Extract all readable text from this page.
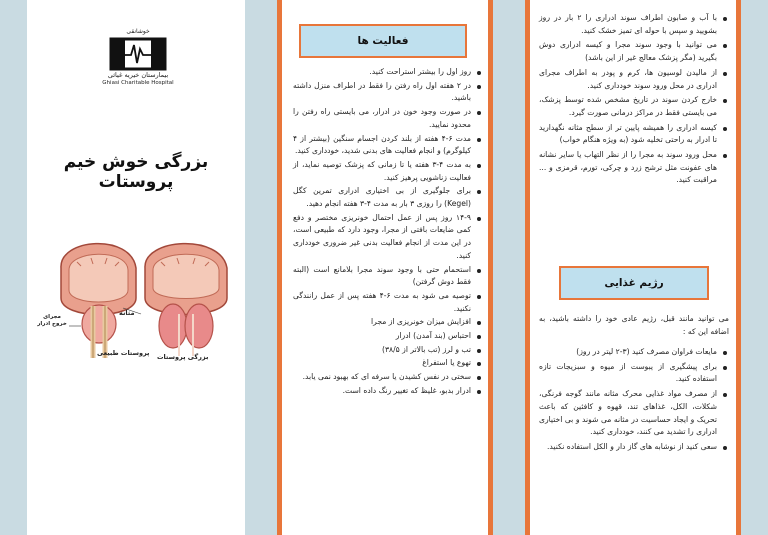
خوشانقی
بیمارستان خیریه غیاثی
Ghiasi Charitable Hospital
بزرگی خوش خیم پروستات
بزرگی پروستات
پروستات طبیعی
مثانه
مجرای خروج ادرار
فعالیت ها
روز اول را بیشتر استراحت کنید.
در ۲ هفته اول راه رفتن را فقط در اطراف منزل داشته باشید.
در صورت وجود خون در ادرار، می بایستی راه رفتن را محدود نمایید.
مدت ۶-۴ هفته از بلند کردن اجسام سنگین (بیشتر از ۴ کیلوگرم) و انجام فعالیت های بدنی شدید، خودداری کنید.
به مدت ۴-۳ هفته یا تا زمانی که پزشک توصیه نماید، از فعالیت زناشویی پرهیز کنید.
برای جلوگیری از بی اختیاری ادراری تمرین کگل (Kegel) را روزی ۳ بار به مدت ۴-۳ هفته انجام دهید.
۱۴-۹ روز پس از عمل احتمال خونریزی مختصر و دفع کمی ضایعات بافتی از مجرا، وجود دارد که طبیعی است، در این مدت از انجام فعالیت بدنی غیر ضروری خودداری کنید.
استحمام حتی با وجود سوند مجرا بلامانع است (البته فقط دوش گرفتن)
توصیه می شود به مدت ۶-۴ هفته پس از عمل رانندگی نکنید.
افزایش میزان خونریزی از مجرا
احتباس (بند آمدن) ادرار
تب و لرز (تب بالاتر از ۳۸/۵)
تهوع یا استفراغ
سختی در نفس کشیدن یا سرفه ای که بهبود نمی یابد.
ادرار بدبو، غلیظ که تغییر رنگ داده است.
با آب و صابون اطراف سوند ادراری را ۲ بار در روز بشویید و سپس با حوله ای تمیز خشک کنید.
می توانید با وجود سوند مجرا و کیسه ادراری دوش بگیرید (مگر پزشک معالج غیر از این باشد)
از مالیدن لوسیون ها، کرم و پودر به اطراف مجرای ادراری در محل ورود سوند خودداری کنید.
خارج کردن سوند در تاریخ مشخص شده توسط پزشک، می بایستی فقط در مراکز درمانی صورت گیرد.
کیسه ادراری را همیشه پایین تر از سطح مثانه نگهدارید تا ادرار به راحتی تخلیه شود (به ویژه هنگام خواب)
محل ورود سوند به مجرا را از نظر التهاب یا سایر نشانه های عفونت مثل ترشح زرد و چرکی، تورم، قرمزی و ... مراقبت کنید.
رژیم غذایی
می توانید مانند قبل، رژیم عادی خود را داشته باشید، به اضافه این که :
مایعات فراوان مصرف کنید (۳-۲ لیتر در روز)
برای پیشگیری از یبوست از میوه و سبزیجات تازه استفاده کنید.
از مصرف مواد غذایی محرک مثانه مانند گوجه فرنگی، شکلات، الکل، غذاهای تند، قهوه و کافئین که باعث تحریک و ایجاد حساسیت در مثانه می شوند و بی اختیاری ادراری را تشدید می کنند، خودداری کنید.
سعی کنید از نوشابه های گاز دار و الکل استفاده نکنید.
